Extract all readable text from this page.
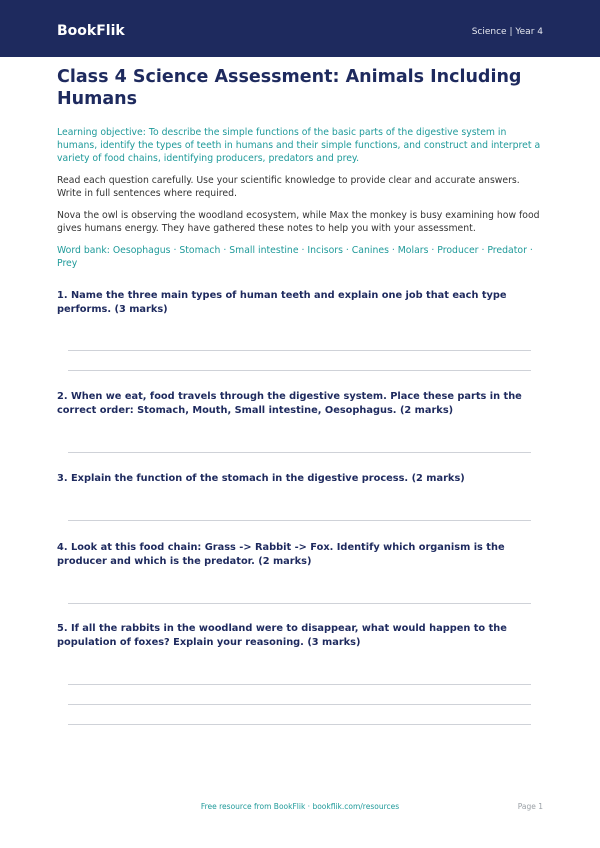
BookFlik	Science | Year 4
Class 4 Science Assessment: Animals Including Humans
Learning objective: To describe the simple functions of the basic parts of the digestive system in humans, identify the types of teeth in humans and their simple functions, and construct and interpret a variety of food chains, identifying producers, predators and prey.
Read each question carefully. Use your scientific knowledge to provide clear and accurate answers. Write in full sentences where required.
Nova the owl is observing the woodland ecosystem, while Max the monkey is busy examining how food gives humans energy. They have gathered these notes to help you with your assessment.
Word bank: Oesophagus · Stomach · Small intestine · Incisors · Canines · Molars · Producer · Predator · Prey
1. Name the three main types of human teeth and explain one job that each type performs. (3 marks)
2. When we eat, food travels through the digestive system. Place these parts in the correct order: Stomach, Mouth, Small intestine, Oesophagus. (2 marks)
3. Explain the function of the stomach in the digestive process. (2 marks)
4. Look at this food chain: Grass -> Rabbit -> Fox. Identify which organism is the producer and which is the predator. (2 marks)
5. If all the rabbits in the woodland were to disappear, what would happen to the population of foxes? Explain your reasoning. (3 marks)
Free resource from BookFlik · bookflik.com/resources	Page 1
